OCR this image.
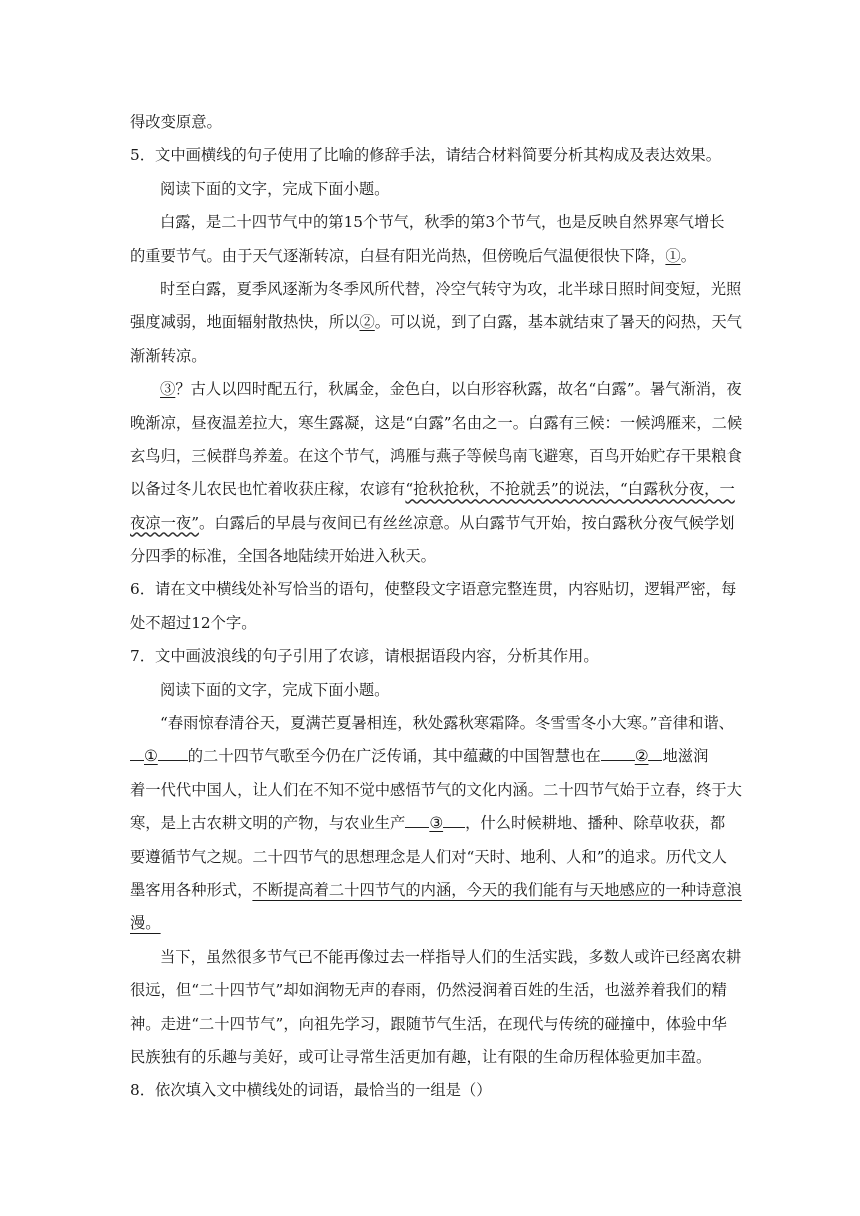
得改变原意。
5．文中画横线的句子使用了比喻的修辞手法，请结合材料简要分析其构成及表达效果。
阅读下面的文字，完成下面小题。
白露，是二十四节气中的第15个节气，秋季的第3个节气，也是反映自然界寒气增长
的重要节气。由于天气逐渐转凉，白昼有阳光尚热，但傍晚后气温便很快下降，①。
时至白露，夏季风逐渐为冬季风所代替，冷空气转守为攻，北半球日照时间变短，光照
强度减弱，地面辐射散热快，所以②。可以说，到了白露，基本就结束了暑天的闷热，天气
渐渐转凉。
③？古人以四时配五行，秋属金，金色白，以白形容秋露，故名“白露”。暑气渐消，夜
晚渐凉，昼夜温差拉大，寒生露凝，这是“白露”名由之一。白露有三候：一候鸿雁来，二候
玄鸟归，三候群鸟养羞。在这个节气，鸿雁与燕子等候鸟南飞避寒，百鸟开始贮存干果粮食
以备过冬儿农民也忙着收获庄稼，农谚有“抢秋抢秋，不抢就丢”的说法，“白露秋分夜，一
夜凉一夜”。白露后的早晨与夜间已有丝丝凉意。从白露节气开始，按白露秋分夜气候学划
分四季的标准，全国各地陆续开始进入秋天。
6．请在文中横线处补写恰当的语句，使整段文字语意完整连贯，内容贴切，逻辑严密，每
处不超过12个字。
7．文中画波浪线的句子引用了农谚，请根据语段内容，分析其作用。
阅读下面的文字，完成下面小题。
“春雨惊春清谷天，夏满芒夏暑相连，秋处露秋寒霜降。冬雪雪冬小大寒。”音律和谐、
① 的二十四节气歌至今仍在广泛传诵，其中蕴藏的中国智慧也在 ② 地滋润
着一代代中国人，让人们在不知不觉中感悟节气的文化内涵。二十四节气始于立春，终于大
寒，是上古农耕文明的产物，与农业生产 ③ ，什么时候耕地、播种、除草收获，都
要遵循节气之规。二十四节气的思想理念是人们对“天时、地利、人和”的追求。历代文人
墨客用各种形式，不断提高着二十四节气的内涵，今天的我们能有与天地感应的一种诗意浪
漫。
当下，虽然很多节气已不能再像过去一样指导人们的生活实践，多数人或许已经离农耕
很远，但“二十四节气”却如润物无声的春雨，仍然浸润着百姓的生活，也滋养着我们的精
神。走进“二十四节气”，向祖先学习，跟随节气生活，在现代与传统的碰撞中，体验中华
民族独有的乐趣与美好，或可让寻常生活更加有趣，让有限的生命历程体验更加丰盈。
8．依次填入文中横线处的词语，最恰当的一组是（）
